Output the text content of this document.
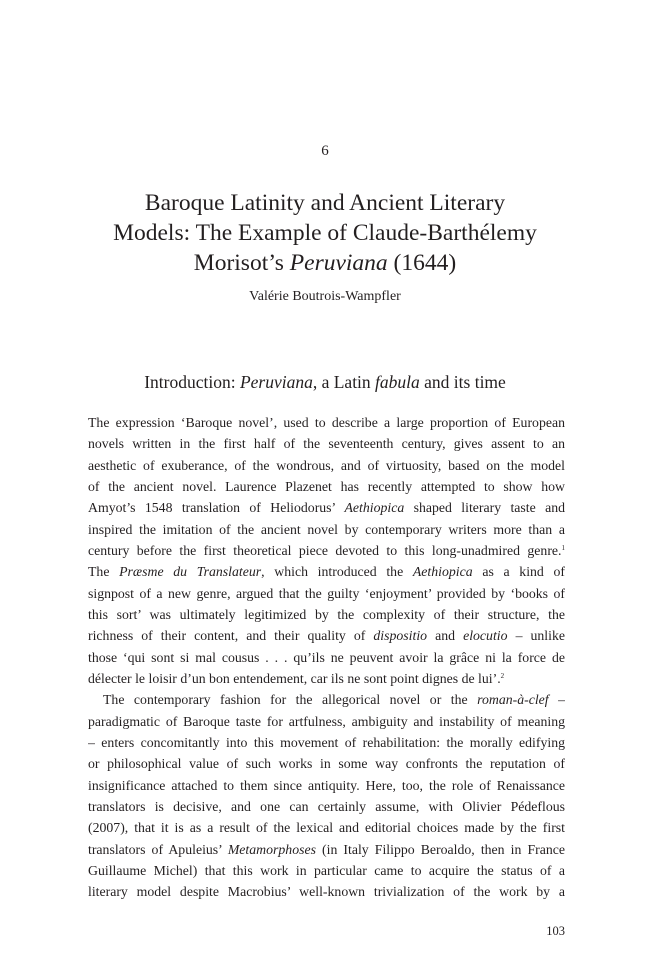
6
Baroque Latinity and Ancient Literary
Models: The Example of Claude-Barthélemy
Morisot’s Peruviana (1644)
Valérie Boutrois-Wampfler
Introduction: Peruviana, a Latin fabula and its time
The expression ‘Baroque novel’, used to describe a large proportion of European
novels written in the first half of the seventeenth century, gives assent to an
aesthetic of exuberance, of the wondrous, and of virtuosity, based on the model
of the ancient novel. Laurence Plazenet has recently attempted to show how
Amyot’s 1548 translation of Heliodorus’ Aethiopica shaped literary taste and
inspired the imitation of the ancient novel by contemporary writers more than a
century before the first theoretical piece devoted to this long-unadmired genre.$^1$
The Præsme du Translateur, which introduced the Aethiopica as a kind of
signpost of a new genre, argued that the guilty ‘enjoyment’ provided by ‘books of
this sort’ was ultimately legitimized by the complexity of their structure, the
richness of their content, and their quality of dispositio and elocutio – unlike
those ‘qui sont si mal cousus . . . qu’ils ne peuvent avoir la grâce ni la force de
délecter le loisir d’un bon entendement, car ils ne sont point dignes de lui’.$^2$
The contemporary fashion for the allegorical novel or the roman-à-clef –
paradigmatic of Baroque taste for artfulness, ambiguity and instability of meaning
– enters concomitantly into this movement of rehabilitation: the morally edifying
or philosophical value of such works in some way confronts the reputation of
insignificance attached to them since antiquity. Here, too, the role of Renaissance
translators is decisive, and one can certainly assume, with Olivier Pédeflous
(2007), that it is as a result of the lexical and editorial choices made by the first
translators of Apuleius’ Metamorphoses (in Italy Filippo Beroaldo, then in France
Guillaume Michel) that this work in particular came to acquire the status of a
literary model despite Macrobius’ well-known trivialization of the work by a
103
